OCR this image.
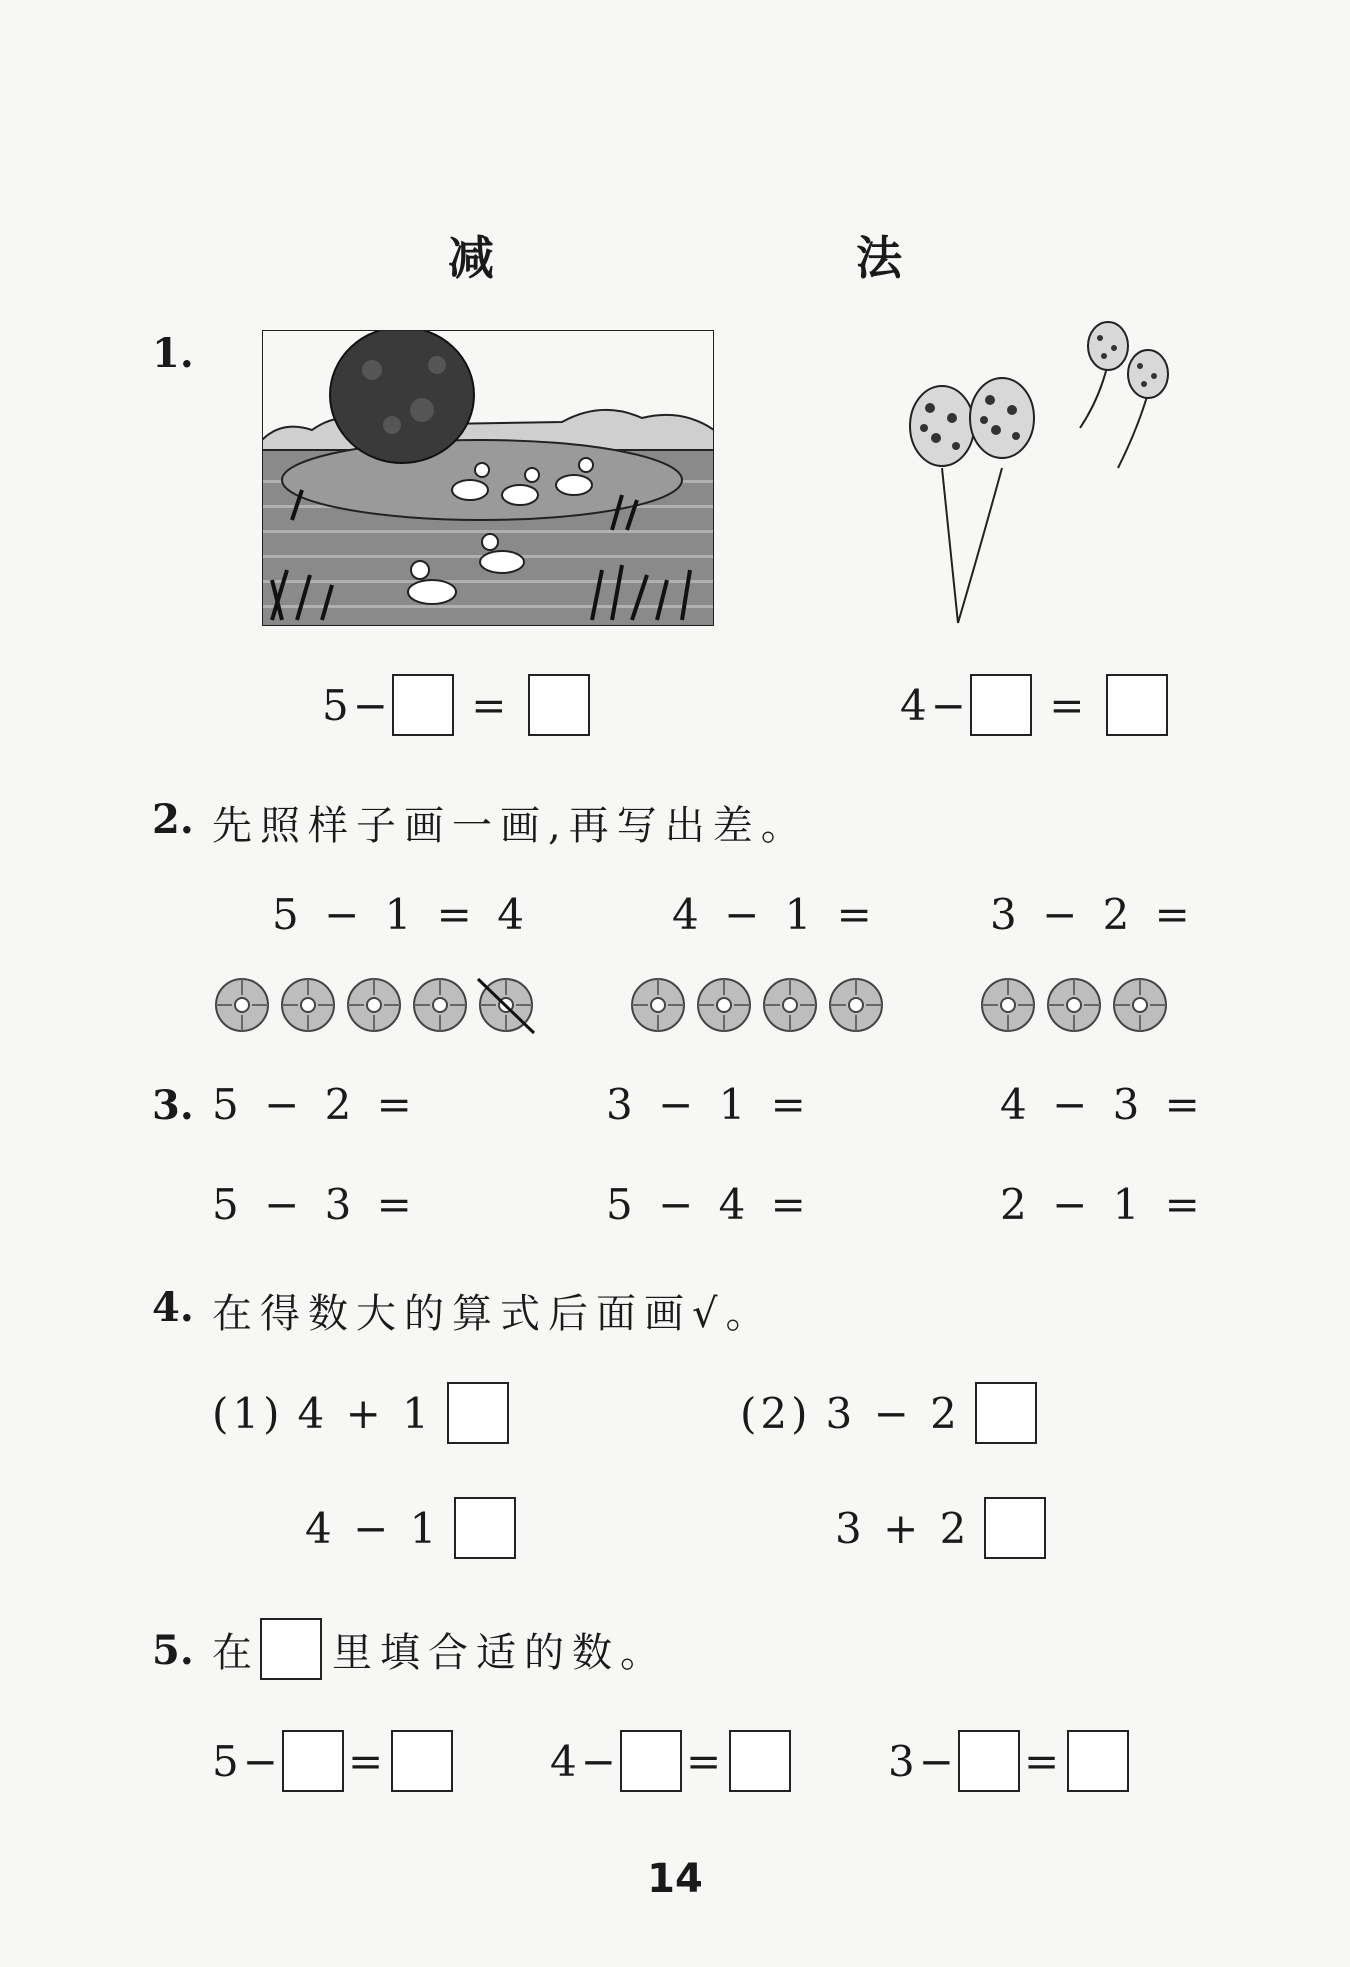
减　　法
1.
5 − =	4 − =
2. 先照样子画一画,再写出差。
5 − 1 = 4	4 − 1 =	3 − 2 =
3. 5 − 2 =	3 − 1 =	4 − 3 =
5 − 3 =	5 − 4 =	2 − 1 =
4. 在得数大的算式后面画√。
(1) 4 + 1
4 − 1
(2) 3 − 2
3 + 2
5. 在 里填合适的数。
5 − =	4 − =	3 − =
14
